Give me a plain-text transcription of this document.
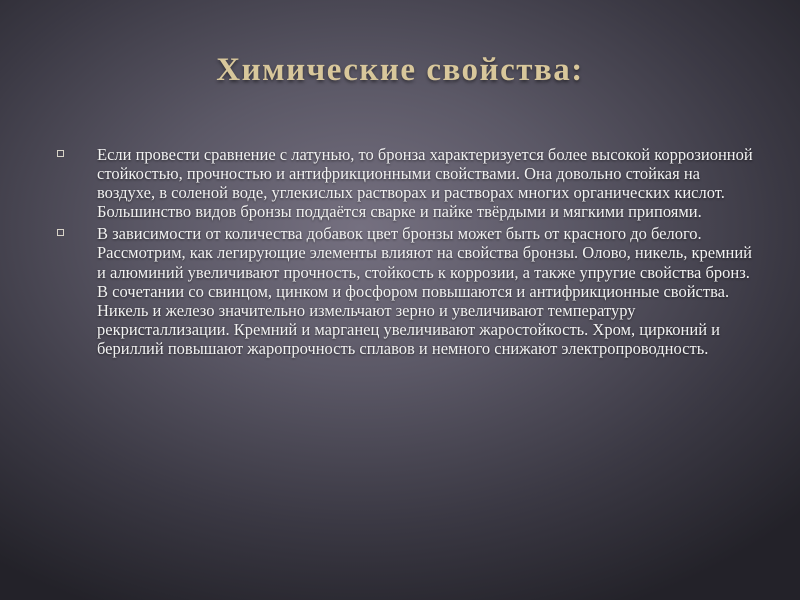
Химические свойства:
Если провести сравнение с латунью, то бронза характеризуется более высокой коррозионной стойкостью, прочностью и антифрикционными свойствами. Она довольно стойкая на воздухе, в соленой воде, углекислых растворах и растворах многих органических кислот. Большинство видов бронзы поддаётся сварке и пайке твёрдыми и мягкими припоями.
В зависимости от количества добавок цвет бронзы может быть от красного до белого. Рассмотрим, как легирующие элементы влияют на свойства бронзы. Олово, никель, кремний и алюминий увеличивают прочность, стойкость к коррозии, а также упругие свойства бронз. В сочетании со свинцом, цинком и фосфором повышаются и антифрикционные свойства. Никель и железо значительно измельчают зерно и увеличивают температуру рекристаллизации. Кремний и марганец увеличивают жаростойкость. Хром, цирконий и бериллий повышают жаропрочность сплавов и немного снижают электропроводность.
